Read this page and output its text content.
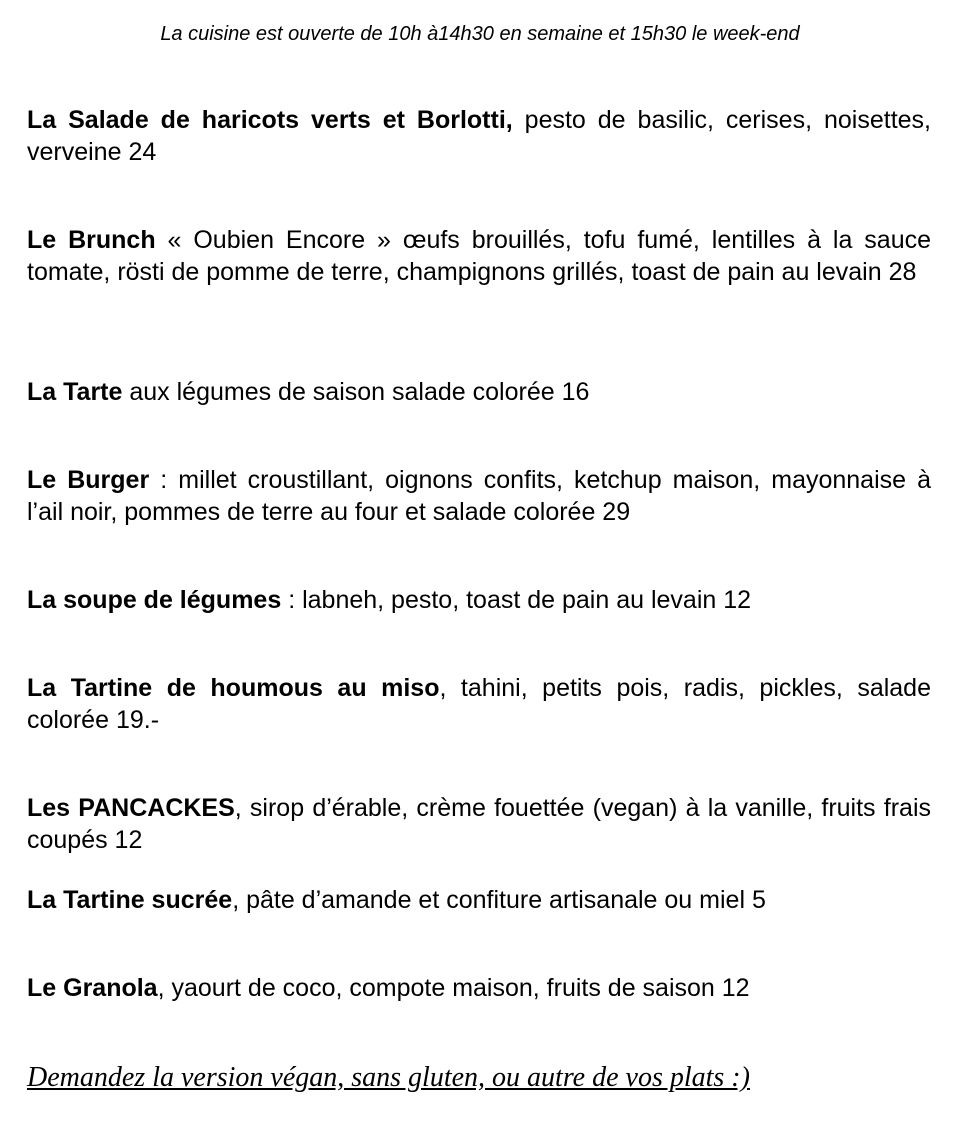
La cuisine est ouverte de 10h à14h30 en semaine et 15h30 le week-end

La Salade de haricots verts et Borlotti, pesto de basilic, cerises, noisettes, verveine 24

Le Brunch « Oubien Encore » œufs brouillés, tofu fumé, lentilles à la sauce tomate, rösti de pomme de terre, champignons grillés, toast de pain au levain 28

La Tarte aux légumes de saison salade colorée 16

Le Burger : millet croustillant, oignons confits, ketchup maison, mayonnaise à l’ail noir, pommes de terre au four et salade colorée 29

La soupe de légumes : labneh, pesto, toast de pain au levain 12

La Tartine de houmous au miso, tahini, petits pois, radis, pickles, salade colorée 19.-

Les PANCACKES, sirop d’érable, crème fouettée (vegan) à la vanille, fruits frais coupés 12

La Tartine sucrée, pâte d’amande et confiture artisanale ou miel 5

Le Granola, yaourt de coco, compote maison, fruits de saison 12

Demandez la version végan, sans gluten, ou autre de vos plats :)
